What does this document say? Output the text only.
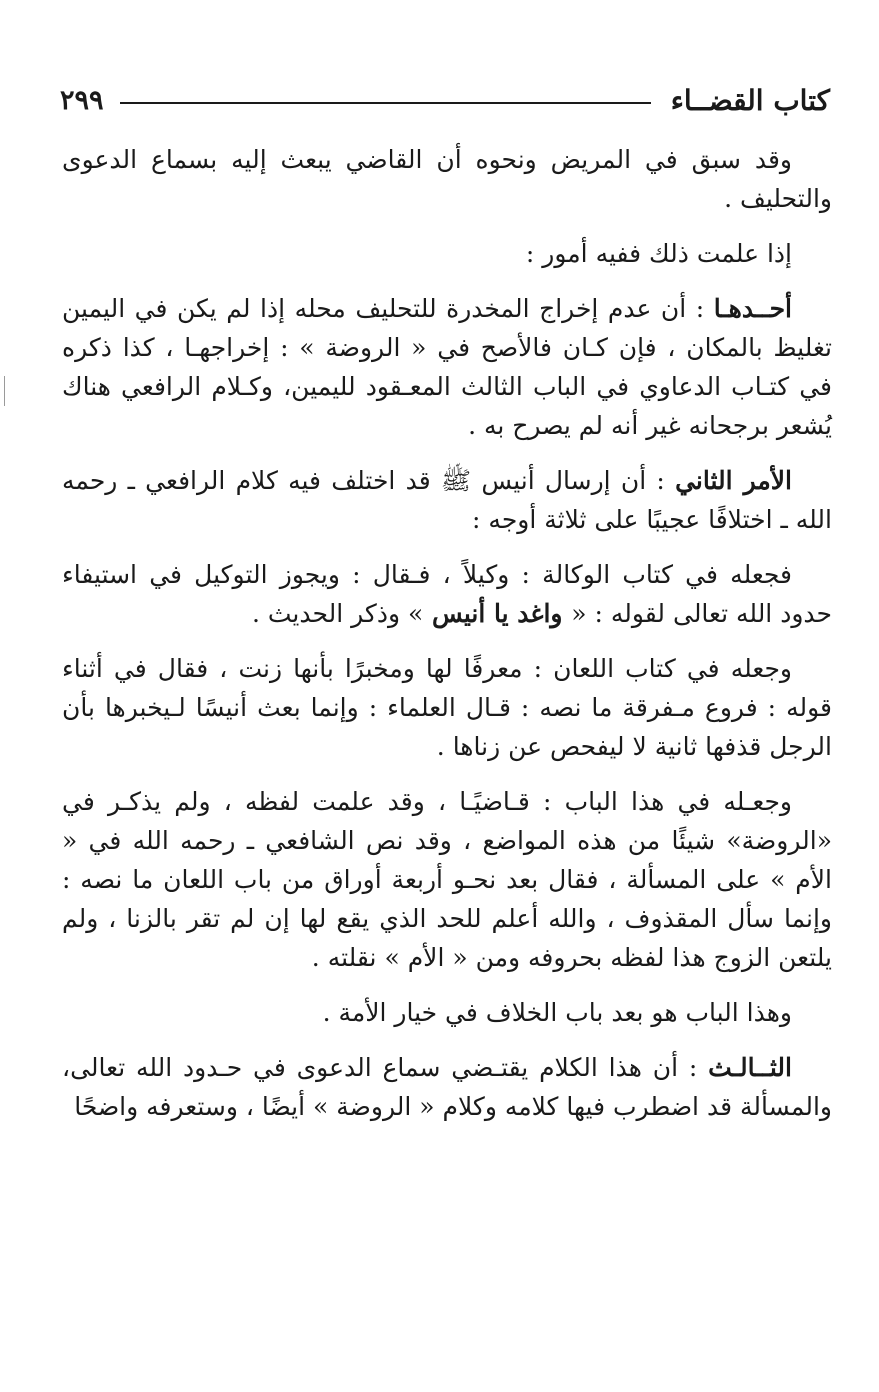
كتاب القضــاء
٢٩٩

وقد سبق في المريض ونحوه أن القاضي يبعث إليه بسماع الدعوى والتحليف .

إذا علمت ذلك ففيه أمور :

أحــدهـا : أن عدم إخراج المخدرة للتحليف محله إذا لم يكن في اليمين تغليظ بالمكان ، فإن كـان فالأصح في « الروضة » : إخراجهـا ، كذا ذكره في كتـاب الدعاوي في الباب الثالث المعـقود لليمين، وكـلام الرافعي هناك يُشعر برجحانه غير أنه لم يصرح به .

الأمر الثاني : أن إرسال أنيس ﷺ قد اختلف فيه كلام الرافعي ـ رحمه الله ـ اختلافًا عجيبًا على ثلاثة أوجه :

فجعله في كتاب الوكالة : وكيلاً ، فـقال : ويجوز التوكيل في استيفاء حدود الله تعالى لقوله : « واغد يا أنيس » وذكر الحديث .

وجعله في كتاب اللعان : معرفًا لها ومخبرًا بأنها زنت ، فقال في أثناء قوله : فروع مـفرقة ما نصه : قـال العلماء : وإنما بعث أنيسًا لـيخبرها بأن الرجل قذفها ثانية لا ليفحص عن زناها .

وجعـله في هذا الباب : قـاضيًـا ، وقد علمت لفظه ، ولم يذكـر في «الروضة» شيئًا من هذه المواضع ، وقد نص الشافعي ـ رحمه الله في « الأم » على المسألة ، فقال بعد نحـو أربعة أوراق من باب اللعان ما نصه : وإنما سأل المقذوف ، والله أعلم للحد الذي يقع لها إن لم تقر بالزنا ، ولم يلتعن الزوج هذا لفظه بحروفه ومن « الأم » نقلته .

وهذا الباب هو بعد باب الخلاف في خيار الأمة .

الثــالـث : أن هذا الكلام يقتـضي سماع الدعوى في حـدود الله تعالى، والمسألة قد اضطرب فيها كلامه وكلام « الروضة » أيضًا ، وستعرفه واضحًا
